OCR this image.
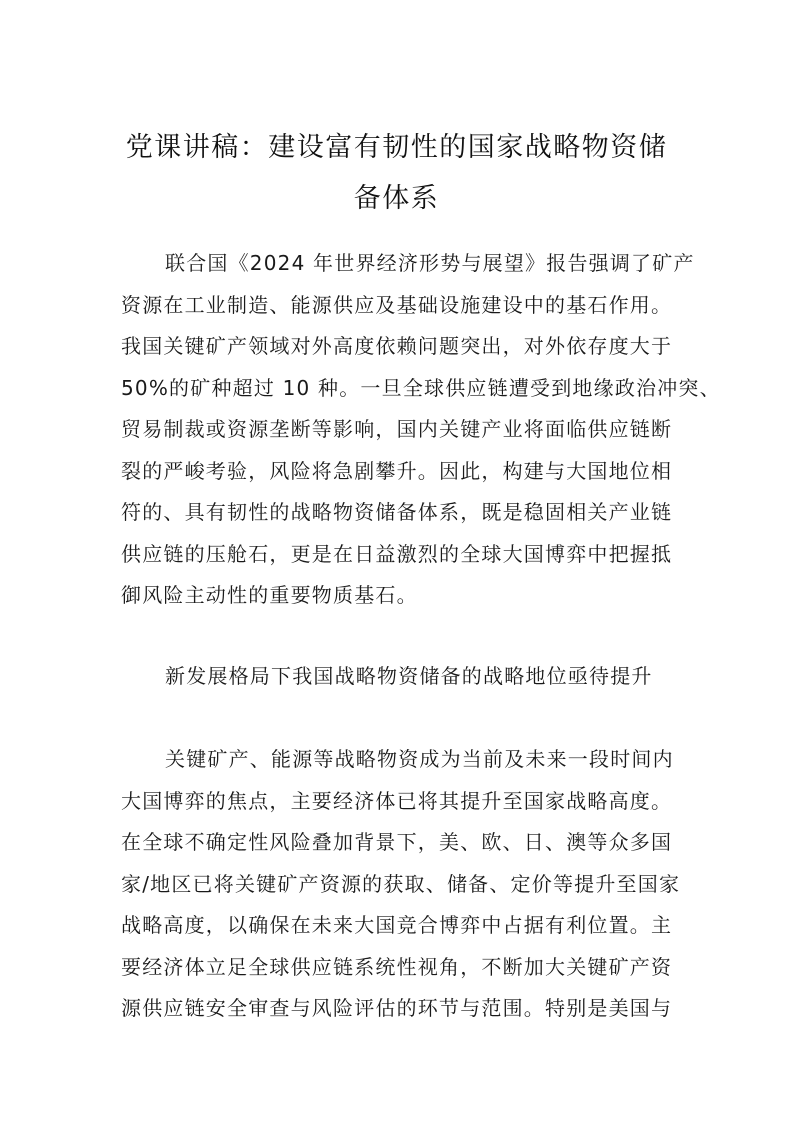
党课讲稿：建设富有韧性的国家战略物资储
备体系
联合国《2024 年世界经济形势与展望》报告强调了矿产
资源在工业制造、能源供应及基础设施建设中的基石作用。
我国关键矿产领域对外高度依赖问题突出，对外依存度大于
50%的矿种超过 10 种。一旦全球供应链遭受到地缘政治冲突、
贸易制裁或资源垄断等影响，国内关键产业将面临供应链断
裂的严峻考验，风险将急剧攀升。因此，构建与大国地位相
符的、具有韧性的战略物资储备体系，既是稳固相关产业链
供应链的压舱石，更是在日益激烈的全球大国博弈中把握抵
御风险主动性的重要物质基石。
新发展格局下我国战略物资储备的战略地位亟待提升
关键矿产、能源等战略物资成为当前及未来一段时间内
大国博弈的焦点，主要经济体已将其提升至国家战略高度。
在全球不确定性风险叠加背景下，美、欧、日、澳等众多国
家/地区已将关键矿产资源的获取、储备、定价等提升至国家
战略高度，以确保在未来大国竞合博弈中占据有利位置。主
要经济体立足全球供应链系统性视角，不断加大关键矿产资
源供应链安全审查与风险评估的环节与范围。特别是美国与
